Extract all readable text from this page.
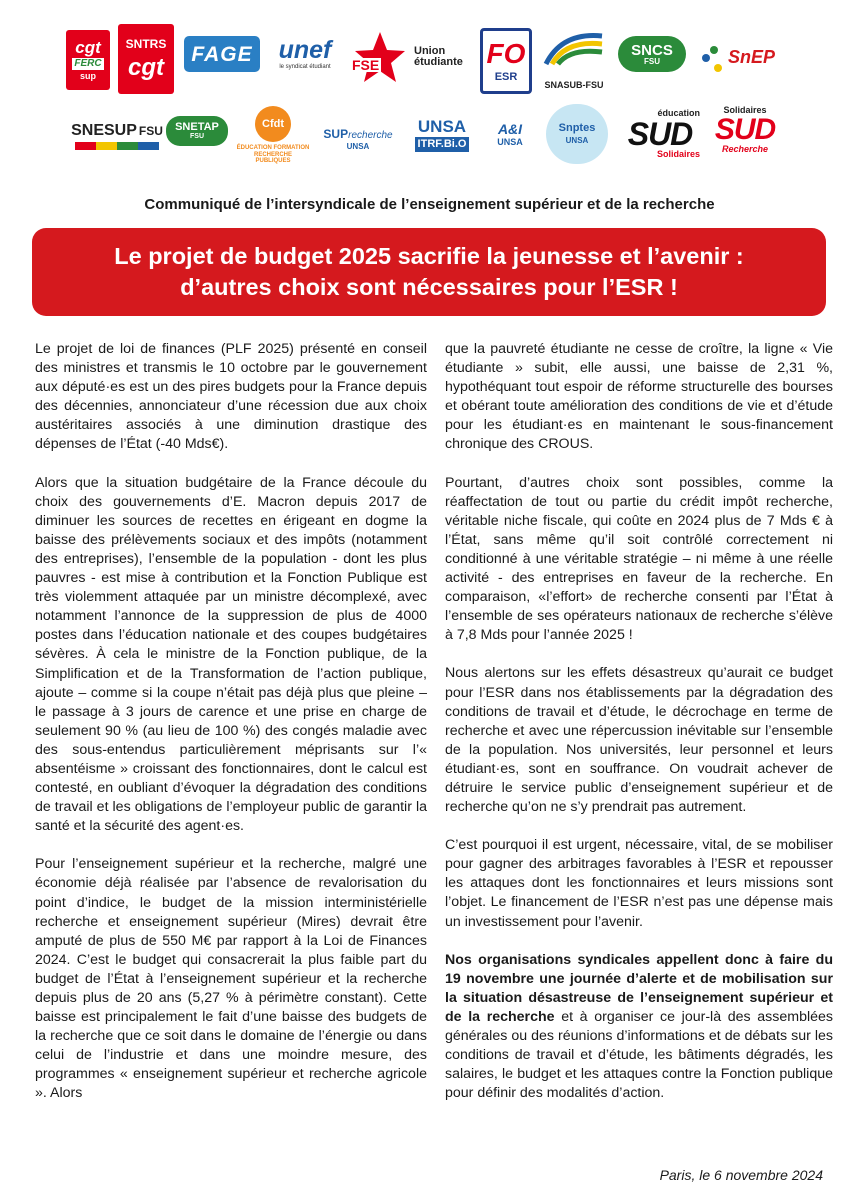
cgt
FERC
sup
SNTRS
cgt FAGE unef
le syndicat étudiant FSE
Union
étudiante FO
ESR
SNASUB-FSU
SNCS
FSU	SnEP
SNESUP FSU SNETAP
FSU
Cfdt
ÉDUCATION FORMATION
RECHERCHE PUBLIQUES
SUP recherche
UNSA
UNSA
ITRF.Bi.O
A&I
UNSA
Snptes
UNSA
éducation
SUD
Solidaires
Solidaires
SUD
Recherche
Communiqué de l’intersyndicale de l’enseignement supérieur et de la recherche
Le projet de budget 2025 sacrifie la jeunesse et l’avenir :
d’autres choix sont nécessaires pour l’ESR !

Le projet de loi de finances (PLF 2025) présenté en conseil des ministres et transmis le 10 octobre par le gouvernement aux député·es est un des pires budgets pour la France depuis des décennies, annonciateur d’une récession due aux choix austéritaires associés à une diminution drastique des dépenses de l’État (-40 Mds€).

Alors que la situation budgétaire de la France découle du choix des gouvernements d’E. Macron depuis 2017 de diminuer les sources de recettes en érigeant en dogme la baisse des prélèvements sociaux et des impôts (notamment des entreprises), l’ensemble de la population - dont les plus pauvres - est mise à contribution et la Fonction Publique est très violemment attaquée par un ministre décomplexé, avec notamment l’annonce de la suppression de plus de 4000 postes dans l’éducation nationale et des coupes budgétaires sévères. À cela le ministre de la Fonction publique, de la Simplification et de la Transformation de l’action publique, ajoute – comme si la coupe n’était pas déjà plus que pleine – le passage à 3 jours de carence et une prise en charge de seulement 90 % (au lieu de 100 %) des congés maladie avec des sous-entendus particulièrement méprisants sur l’« absentéisme » croissant des fonctionnaires, dont le calcul est contesté, en oubliant d’évoquer la dégradation des conditions de travail et les obligations de l’employeur public de garantir la santé et la sécurité des agent·es.

Pour l’enseignement supérieur et la recherche, malgré une économie déjà réalisée par l’absence de revalorisation du point d’indice, le budget de la mission interministérielle recherche et enseignement supérieur (Mires) devrait être amputé de plus de 550 M€ par rapport à la Loi de Finances 2024. C’est le budget qui consacrerait la plus faible part du budget de l’État à l’enseignement supérieur et la recherche depuis plus de 20 ans (5,27 % à périmètre constant). Cette baisse est principalement le fait d’une baisse des budgets de la recherche que ce soit dans le domaine de l’énergie ou dans celui de l’industrie et dans une moindre mesure, des programmes « enseignement supérieur et recherche agricole ». Alors

que la pauvreté étudiante ne cesse de croître, la ligne « Vie étudiante » subit, elle aussi, une baisse de 2,31 %, hypothéquant tout espoir de réforme structurelle des bourses et obérant toute amélioration des conditions de vie et d’étude pour les étudiant·es en maintenant le sous-financement chronique des CROUS.

Pourtant, d’autres choix sont possibles, comme la réaffectation de tout ou partie du crédit impôt recherche, véritable niche fiscale, qui coûte en 2024 plus de 7 Mds € à l’État, sans même qu’il soit contrôlé correctement ni conditionné à une véritable stratégie – ni même à une réelle activité - des entreprises en faveur de la recherche. En comparaison, «l’effort» de recherche consenti par l’État à l’ensemble de ses opérateurs nationaux de recherche s’élève à 7,8 Mds pour l’année 2025 !

Nous alertons sur les effets désastreux qu’aurait ce budget pour l’ESR dans nos établissements par la dégradation des conditions de travail et d’étude, le décrochage en terme de recherche et avec une répercussion inévitable sur l’ensemble de la population. Nos universités, leur personnel et leurs étudiant·es, sont en souffrance. On voudrait achever de détruire le service public d’enseignement supérieur et de recherche qu’on ne s’y prendrait pas autrement.

C’est pourquoi il est urgent, nécessaire, vital, de se mobiliser pour gagner des arbitrages favorables à l’ESR et repousser les attaques dont les fonctionnaires et leurs missions sont l’objet. Le financement de l’ESR n’est pas une dépense mais un investissement pour l’avenir.

Nos organisations syndicales appellent donc à faire du 19 novembre une journée d’alerte et de mobilisation sur la situation désastreuse de l’enseignement supérieur et de la recherche et à organiser ce jour-là des assemblées générales ou des réunions d’informations et de débats sur les conditions de travail et d’étude, les bâtiments dégradés, les salaires, le budget et les attaques contre la Fonction publique pour définir des modalités d’action.

Paris, le 6 novembre 2024
